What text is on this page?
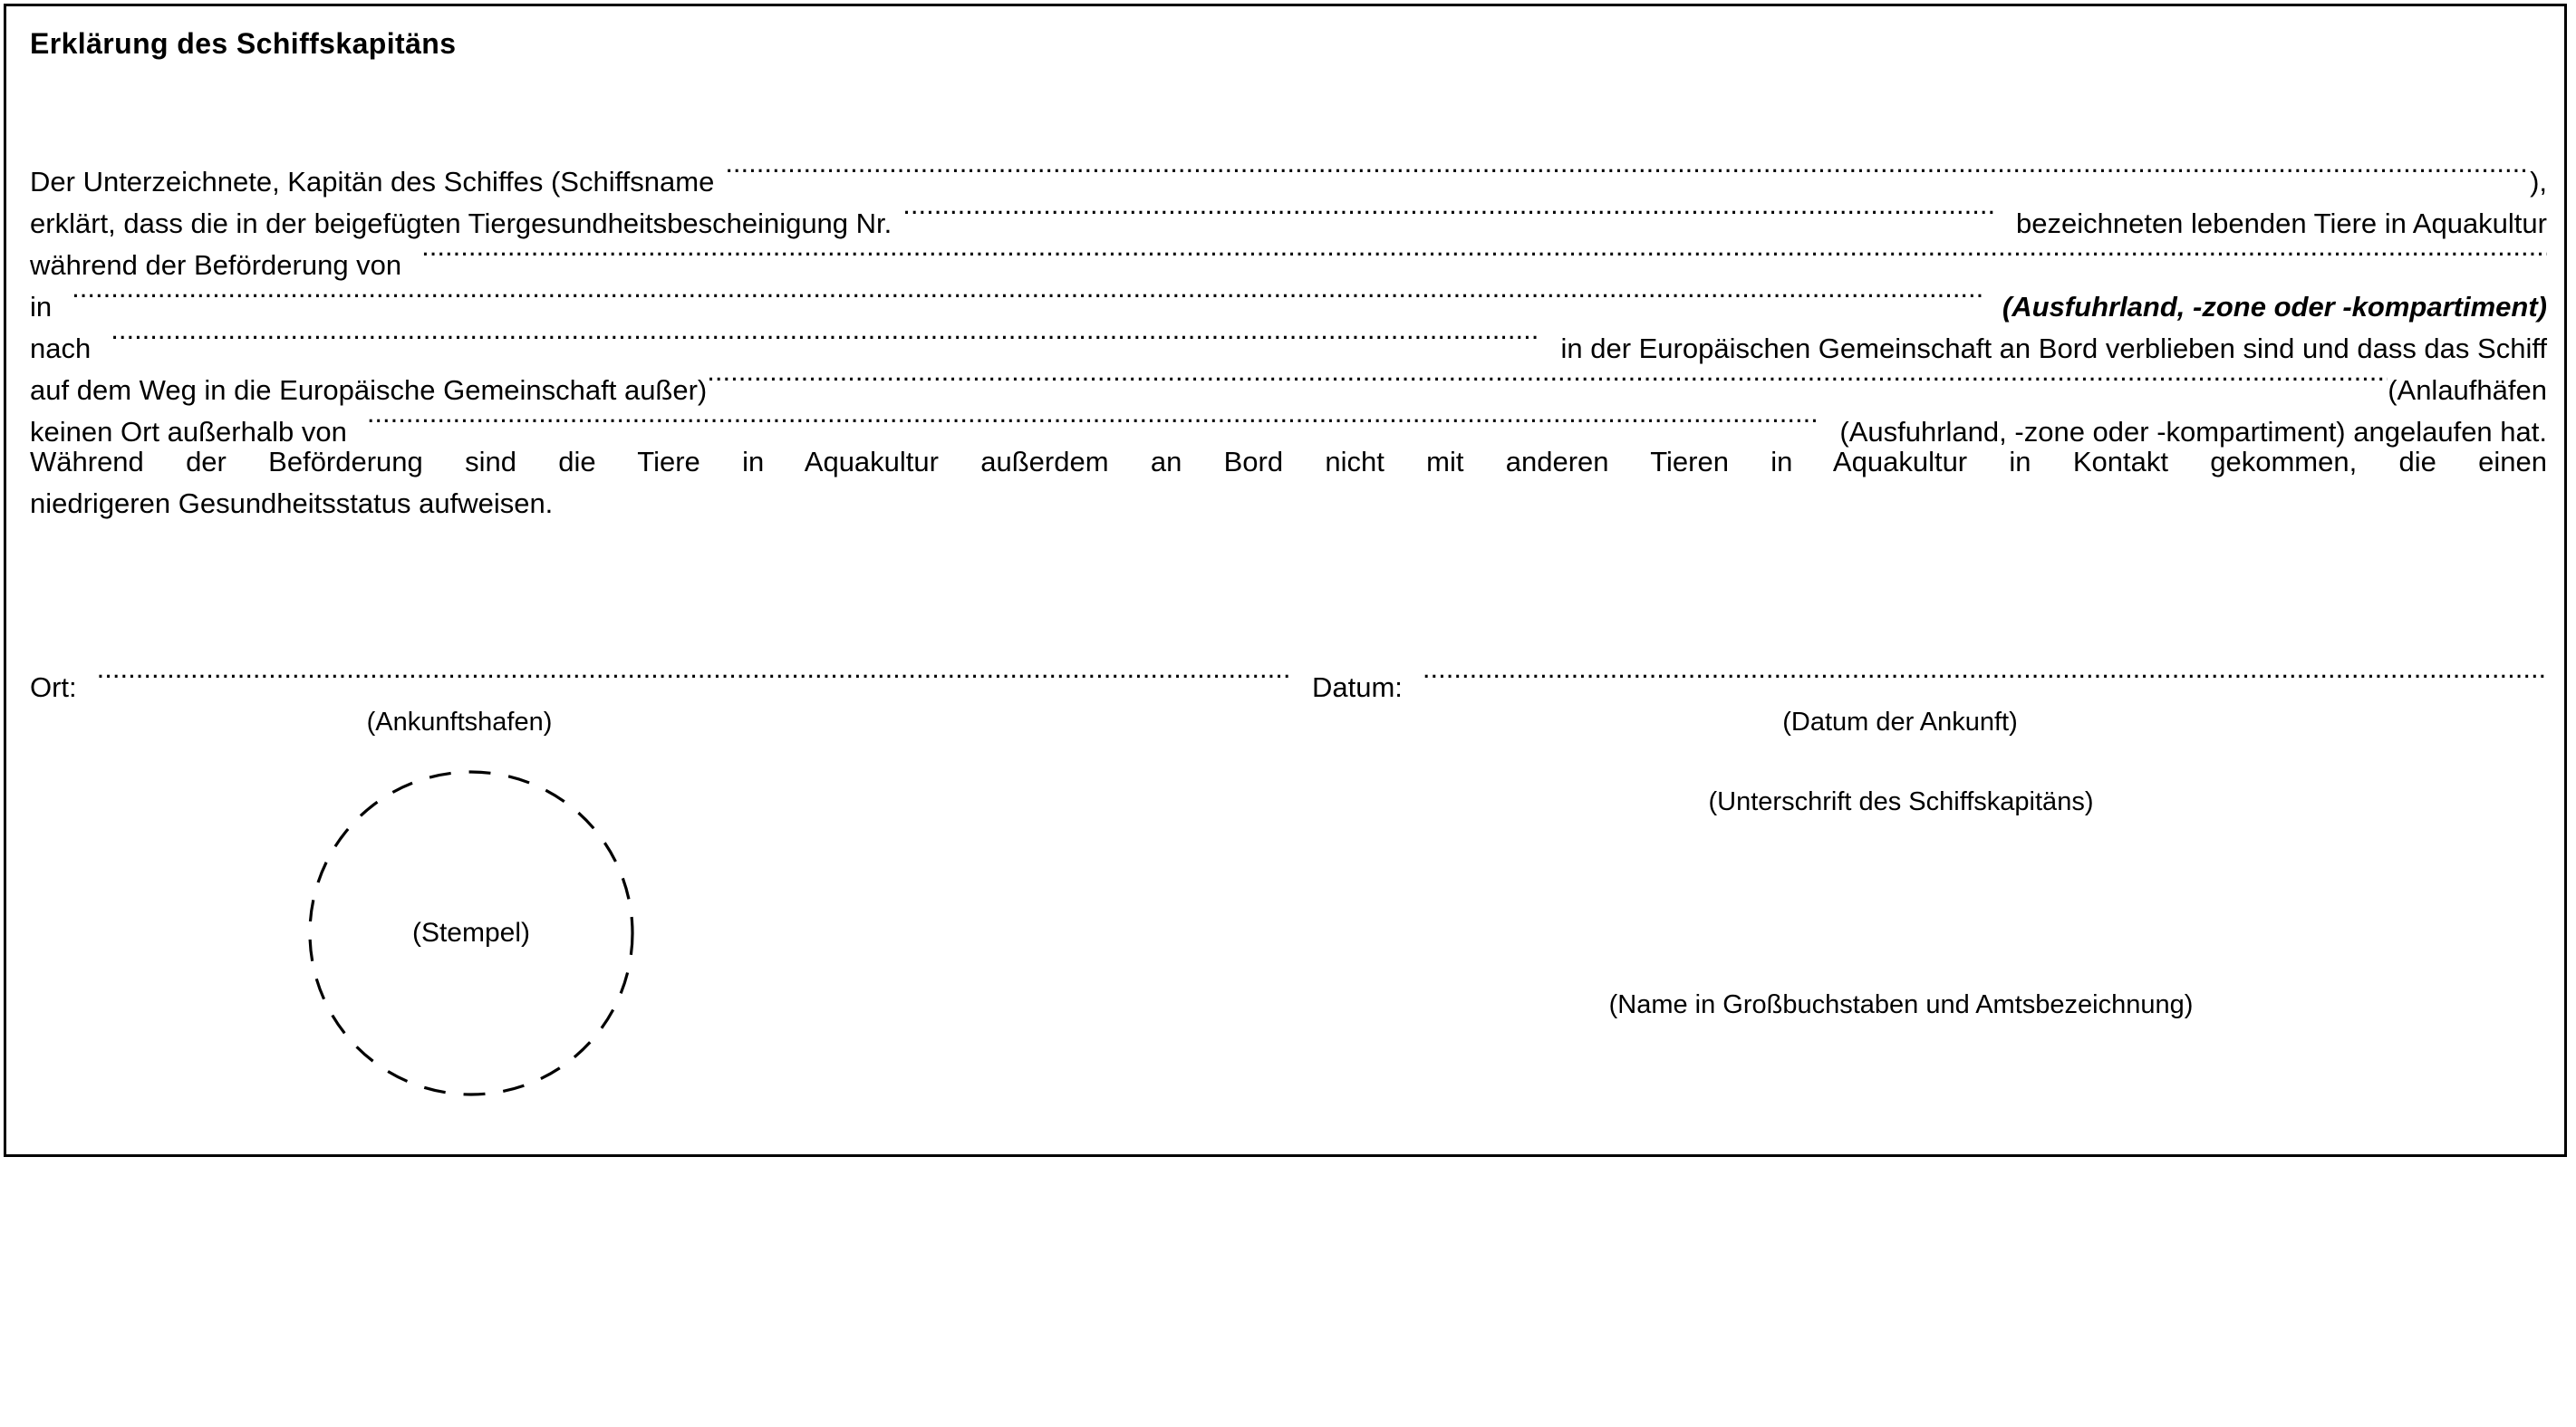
Erklärung des Schiffskapitäns
Der Unterzeichnete, Kapitän des Schiffes (Schiffsname .....	),
erklärt, dass die in der beigefügten Tiergesundheitsbescheinigung Nr. .....	bezeichneten lebenden Tiere in Aquakultur
während der Beförderung von
.....
in .....	(Ausfuhrland, -zone oder -kompartiment)
nach .....	in der Europäischen Gemeinschaft an Bord verblieben sind und dass das Schiff
auf dem Weg in die Europäische Gemeinschaft außer) .....	(Anlaufhäfen
keinen Ort außerhalb von .....	(Ausfuhrland, -zone oder -kompartiment) angelaufen hat.
Während der Beförderung sind die Tiere in Aquakultur außerdem an Bord nicht mit anderen Tieren in Aquakultur in Kontakt gekommen, die einen
niedrigeren Gesundheitsstatus aufweisen.
Ort: .....	Datum:
.....
(Ankunftshafen)	(Datum der Ankunft)
(Unterschrift des Schiffskapitäns)
(Name in Großbuchstaben und Amtsbezeichnung)
(Stempel)
